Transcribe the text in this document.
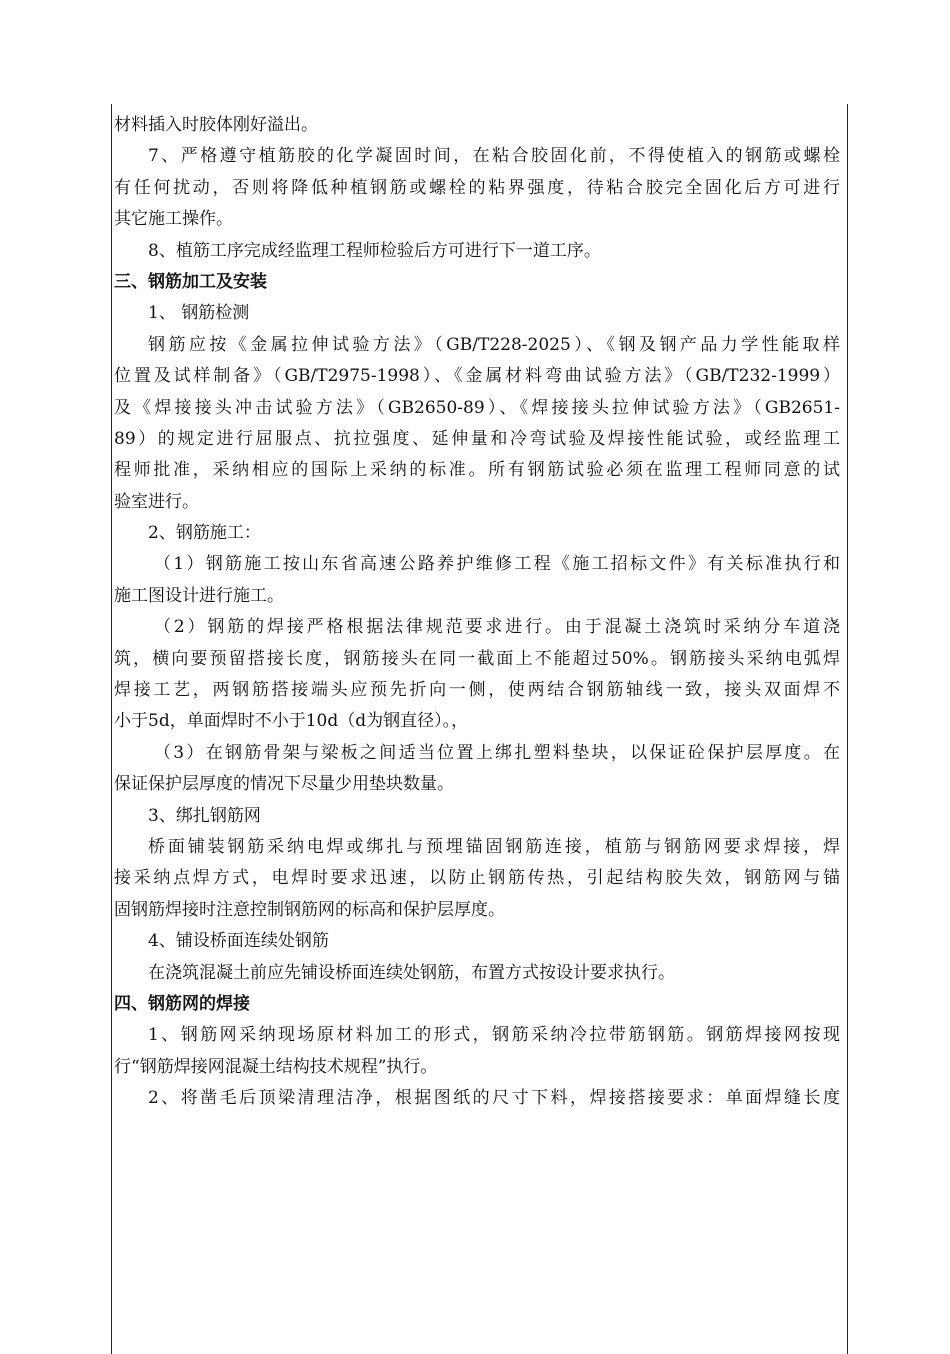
材料插入时胶体刚好溢出。
7、严格遵守植筋胶的化学凝固时间，在粘合胶固化前，不得使植入的钢筋或螺栓
有任何扰动，否则将降低种植钢筋或螺栓的粘界强度，待粘合胶完全固化后方可进行
其它施工操作。
8、植筋工序完成经监理工程师检验后方可进行下一道工序。
三、钢筋加工及安装
1、 钢筋检测
钢筋应按《金属拉伸试验方法》（GB/T228-2025）、《钢及钢产品力学性能取样
位置及试样制备》（GB/T2975-1998）、《金属材料弯曲试验方法》（GB/T232-1999）
及《焊接接头冲击试验方法》（GB2650-89）、《焊接接头拉伸试验方法》（GB2651-
89）的规定进行屈服点、抗拉强度、延伸量和冷弯试验及焊接性能试验，或经监理工
程师批准，采纳相应的国际上采纳的标准。所有钢筋试验必须在监理工程师同意的试
验室进行。
2、钢筋施工：
（1）钢筋施工按山东省高速公路养护维修工程《施工招标文件》有关标准执行和
施工图设计进行施工。
（2）钢筋的焊接严格根据法律规范要求进行。由于混凝土浇筑时采纳分车道浇
筑，横向要预留搭接长度，钢筋接头在同一截面上不能超过50%。钢筋接头采纳电弧焊
焊接工艺，两钢筋搭接端头应预先折向一侧，使两结合钢筋轴线一致，接头双面焊不
小于5d，单面焊时不小于10d（d为钢直径）。，
（3）在钢筋骨架与梁板之间适当位置上绑扎塑料垫块，以保证砼保护层厚度。在
保证保护层厚度的情况下尽量少用垫块数量。
3、绑扎钢筋网
桥面铺装钢筋采纳电焊或绑扎与预埋锚固钢筋连接，植筋与钢筋网要求焊接，焊
接采纳点焊方式，电焊时要求迅速，以防止钢筋传热，引起结构胶失效，钢筋网与锚
固钢筋焊接时注意控制钢筋网的标高和保护层厚度。
4、铺设桥面连续处钢筋
在浇筑混凝土前应先铺设桥面连续处钢筋，布置方式按设计要求执行。
四、钢筋网的焊接
1、钢筋网采纳现场原材料加工的形式，钢筋采纳冷拉带筋钢筋。钢筋焊接网按现
行“钢筋焊接网混凝土结构技术规程”执行。
2、将凿毛后顶梁清理洁净，根据图纸的尺寸下料，焊接搭接要求：单面焊缝长度
